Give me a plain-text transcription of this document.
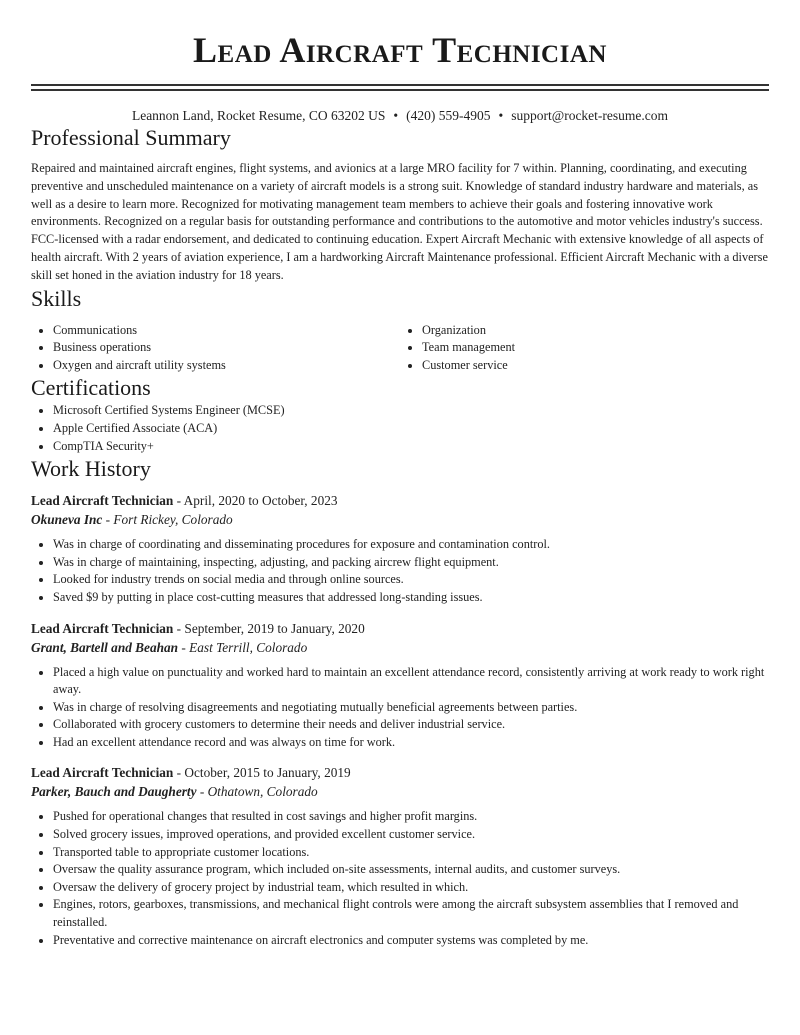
Lead Aircraft Technician
Leannon Land, Rocket Resume, CO 63202 US • (420) 559-4905 • support@rocket-resume.com
Professional Summary

Repaired and maintained aircraft engines, flight systems, and avionics at a large MRO facility for 7 within. Planning, coordinating, and executing preventive and unscheduled maintenance on a variety of aircraft models is a strong suit. Knowledge of standard industry hardware and materials, as well as a desire to learn more. Recognized for motivating management team members to achieve their goals and fostering innovative work environments. Recognized on a regular basis for outstanding performance and contributions to the automotive and motor vehicles industry's success. FCC-licensed with a radar endorsement, and dedicated to continuing education. Expert Aircraft Mechanic with extensive knowledge of all aspects of health aircraft. With 2 years of aviation experience, I am a hardworking Aircraft Maintenance professional. Efficient Aircraft Mechanic with a diverse skill set honed in the aviation industry for 18 years.

Skills
• Communications
• Business operations
• Oxygen and aircraft utility systems
• Organization
• Team management
• Customer service
Certifications
• Microsoft Certified Systems Engineer (MCSE)
• Apple Certified Associate (ACA)
• CompTIA Security+
Work History
Lead Aircraft Technician - April, 2020 to October, 2023
Okuneva Inc - Fort Rickey, Colorado
• Was in charge of coordinating and disseminating procedures for exposure and contamination control.
• Was in charge of maintaining, inspecting, adjusting, and packing aircrew flight equipment.
• Looked for industry trends on social media and through online sources.
• Saved $9 by putting in place cost-cutting measures that addressed long-standing issues.
Lead Aircraft Technician - September, 2019 to January, 2020
Grant, Bartell and Beahan - East Terrill, Colorado
• Placed a high value on punctuality and worked hard to maintain an excellent attendance record, consistently arriving at work ready to work right away.
• Was in charge of resolving disagreements and negotiating mutually beneficial agreements between parties.
• Collaborated with grocery customers to determine their needs and deliver industrial service.
• Had an excellent attendance record and was always on time for work.
Lead Aircraft Technician - October, 2015 to January, 2019
Parker, Bauch and Daugherty - Othatown, Colorado
• Pushed for operational changes that resulted in cost savings and higher profit margins.
• Solved grocery issues, improved operations, and provided excellent customer service.
• Transported table to appropriate customer locations.
• Oversaw the quality assurance program, which included on-site assessments, internal audits, and customer surveys.
• Oversaw the delivery of grocery project by industrial team, which resulted in which.
• Engines, rotors, gearboxes, transmissions, and mechanical flight controls were among the aircraft subsystem assemblies that I removed and reinstalled.
• Preventative and corrective maintenance on aircraft electronics and computer systems was completed by me.
